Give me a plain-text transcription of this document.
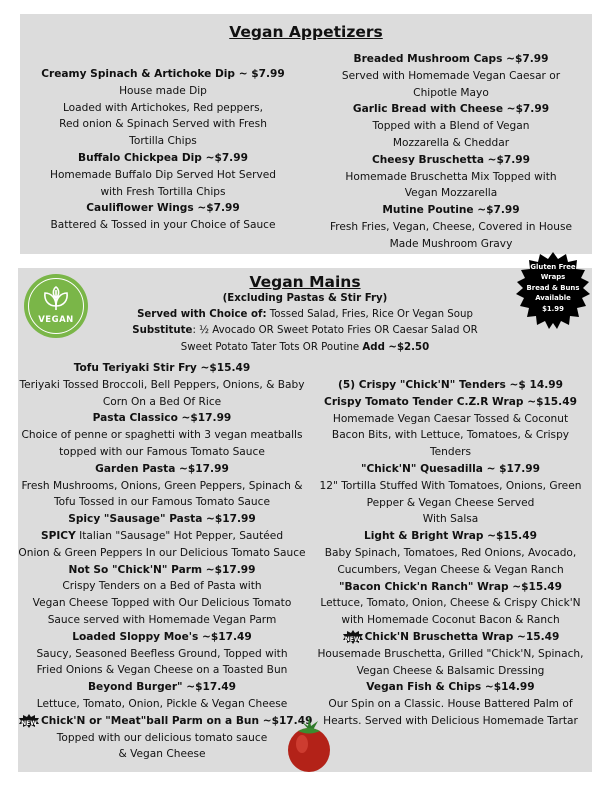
Vegan Appetizers

Creamy Spinach & Artichoke Dip ~ $7.99

House made Dip

Loaded with Artichokes, Red peppers,

Red onion & Spinach Served with Fresh

Tortilla Chips

Buffalo Chickpea Dip ~$7.99

Homemade Buffalo Dip Served Hot Served

with Fresh Tortilla Chips

Cauliflower Wings ~$7.99

Battered & Tossed in your Choice of Sauce

Breaded Mushroom Caps ~$7.99

Served with Homemade Vegan Caesar or

Chipotle Mayo

Garlic Bread with Cheese ~$7.99

Topped with a Blend of Vegan

Mozzarella & Cheddar

Cheesy Bruschetta ~$7.99

Homemade Bruschetta Mix Topped with

Vegan Mozzarella

Mutine Poutine ~$7.99

Fresh Fries, Vegan, Cheese, Covered in House

Made Mushroom Gravy

VEGAN
Vegan Mains

(Excluding Pastas & Stir Fry)

Served with Choice of: Tossed Salad, Fries, Rice Or Vegan Soup

Substitute: ½ Avocado OR Sweet Potato Fries OR Caesar Salad OR

Sweet Potato Tater Tots OR Poutine Add ~$2.50

Tofu Teriyaki Stir Fry ~$15.49

Teriyaki Tossed Broccoli, Bell Peppers, Onions, & Baby

Corn On a Bed Of Rice

Pasta Classico ~$17.99

Choice of penne or spaghetti with 3 vegan meatballs

topped with our Famous Tomato Sauce

Garden Pasta ~$17.99

Fresh Mushrooms, Onions, Green Peppers, Spinach &

Tofu Tossed in our Famous Tomato Sauce

Spicy "Sausage" Pasta ~$17.99

SPICY Italian "Sausage" Hot Pepper, Sautéed

Onion & Green Peppers In our Delicious Tomato Sauce

Not So "Chick'N" Parm ~$17.99

Crispy Tenders on a Bed of Pasta with

Vegan Cheese Topped with Our Delicious Tomato

Sauce served with Homemade Vegan Parm

Loaded Sloppy Moe's ~$17.49

Saucy, Seasoned Beefless Ground, Topped with

Fried Onions & Vegan Cheese on a Toasted Bun

Beyond Burger" ~$17.49

Lettuce, Tomato, Onion, Pickle & Vegan Cheese

NEW Chick'N or "Meat"ball Parm on a Bun ~$17.49

Topped with our delicious tomato sauce

& Vegan Cheese

(5) Crispy "Chick'N" Tenders ~$ 14.99

Crispy Tomato Tender C.Z.R Wrap ~$15.49

Homemade Vegan Caesar Tossed & Coconut

Bacon Bits, with Lettuce, Tomatoes, & Crispy

Tenders

"Chick'N" Quesadilla ~ $17.99

12" Tortilla Stuffed With Tomatoes, Onions, Green

Pepper & Vegan Cheese Served

With Salsa

Light & Bright Wrap ~$15.49

Baby Spinach, Tomatoes, Red Onions, Avocado,

Cucumbers, Vegan Cheese & Vegan Ranch

"Bacon Chick'n Ranch" Wrap ~$15.49

Lettuce, Tomato, Onion, Cheese & Crispy Chick'N

with Homemade Coconut Bacon & Ranch

NEW Chick'N Bruschetta Wrap ~15.49

Housemade Bruschetta, Grilled "Chick'N, Spinach,

Vegan Cheese & Balsamic Dressing

Vegan Fish & Chips ~$14.99

Our Spin on a Classic. House Battered Palm of

Hearts. Served with Delicious Homemade Tartar

Gluten Free

Wraps

Bread & Buns

Available

$1.99
